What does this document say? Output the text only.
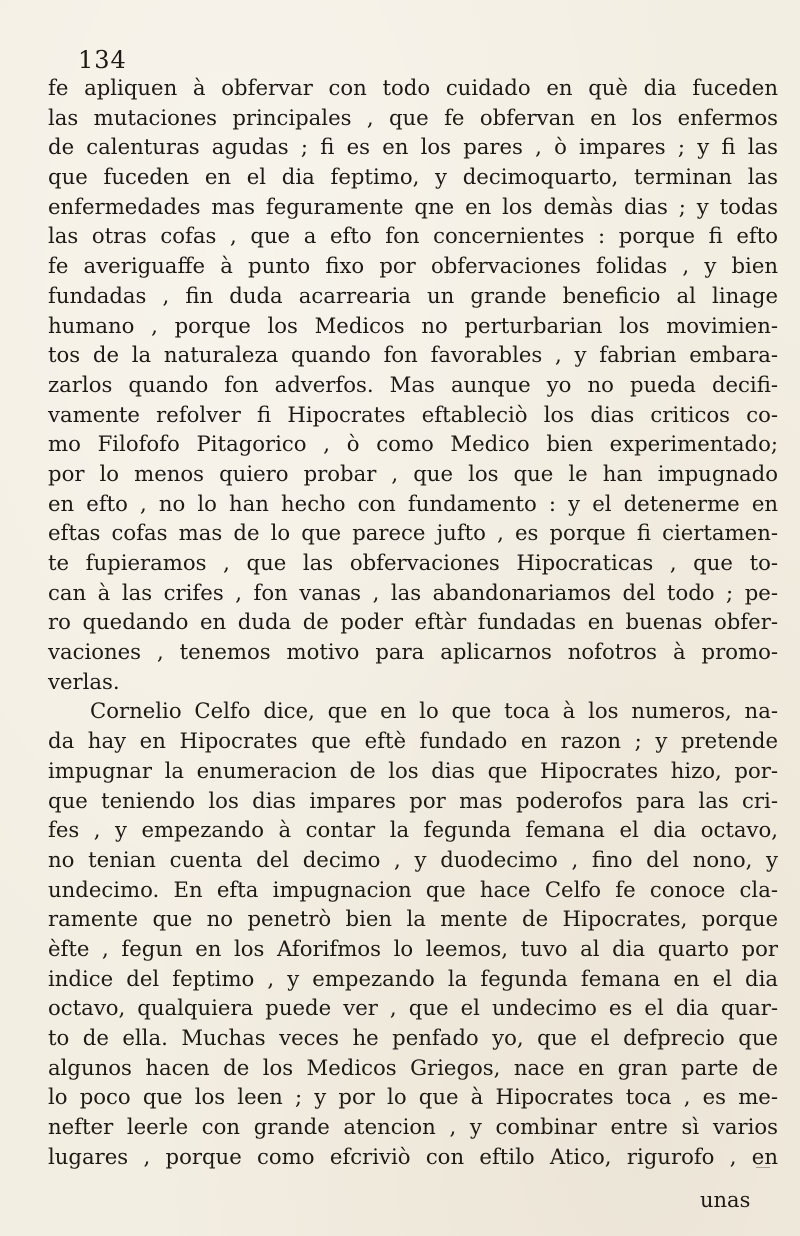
134
fe apliquen à obfervar con todo cuidado en què dia fuceden
las mutaciones principales , que fe obfervan en los enfermos
de calenturas agudas ; fi es en los pares , ò impares ; y fi las
que fuceden en el dia feptimo, y decimoquarto, terminan las
enfermedades mas feguramente qne en los demàs dias ; y todas
las otras cofas , que a efto fon concernientes : porque fi efto
fe averiguaffe à punto fixo por obfervaciones folidas , y bien
fundadas , fin duda acarrearia un grande beneficio al linage
humano , porque los Medicos no perturbarian los movimien-
tos de la naturaleza quando fon favorables , y fabrian embara-
zarlos quando fon adverfos. Mas aunque yo no pueda decifi-
vamente refolver fi Hipocrates eftableciò los dias criticos co-
mo Filofofo Pitagorico , ò como Medico bien experimentado;
por lo menos quiero probar , que los que le han impugnado
en efto , no lo han hecho con fundamento : y el detenerme en
eftas cofas mas de lo que parece jufto , es porque fi ciertamen-
te fupieramos , que las obfervaciones Hipocraticas , que to-
can à las crifes , fon vanas , las abandonariamos del todo ; pe-
ro quedando en duda de poder eftàr fundadas en buenas obfer-
vaciones , tenemos motivo para aplicarnos nofotros à promo-
verlas.
Cornelio Celfo dice, que en lo que toca à los numeros, na-
da hay en Hipocrates que eftè fundado en razon ; y pretende
impugnar la enumeracion de los dias que Hipocrates hizo, por-
que teniendo los dias impares por mas poderofos para las cri-
fes , y empezando à contar la fegunda femana el dia octavo,
no tenian cuenta del decimo , y duodecimo , fino del nono, y
undecimo. En efta impugnacion que hace Celfo fe conoce cla-
ramente que no penetrò bien la mente de Hipocrates, porque
èfte , fegun en los Aforifmos lo leemos, tuvo al dia quarto por
indice del feptimo , y empezando la fegunda femana en el dia
octavo, qualquiera puede ver , que el undecimo es el dia quar-
to de ella. Muchas veces he penfado yo, que el defprecio que
algunos hacen de los Medicos Griegos, nace en gran parte de
lo poco que los leen ; y por lo que à Hipocrates toca , es me-
nefter leerle con grande atencion , y combinar entre sì varios
lugares , porque como efcriviò con eftilo Atico, rigurofo , en
unas
